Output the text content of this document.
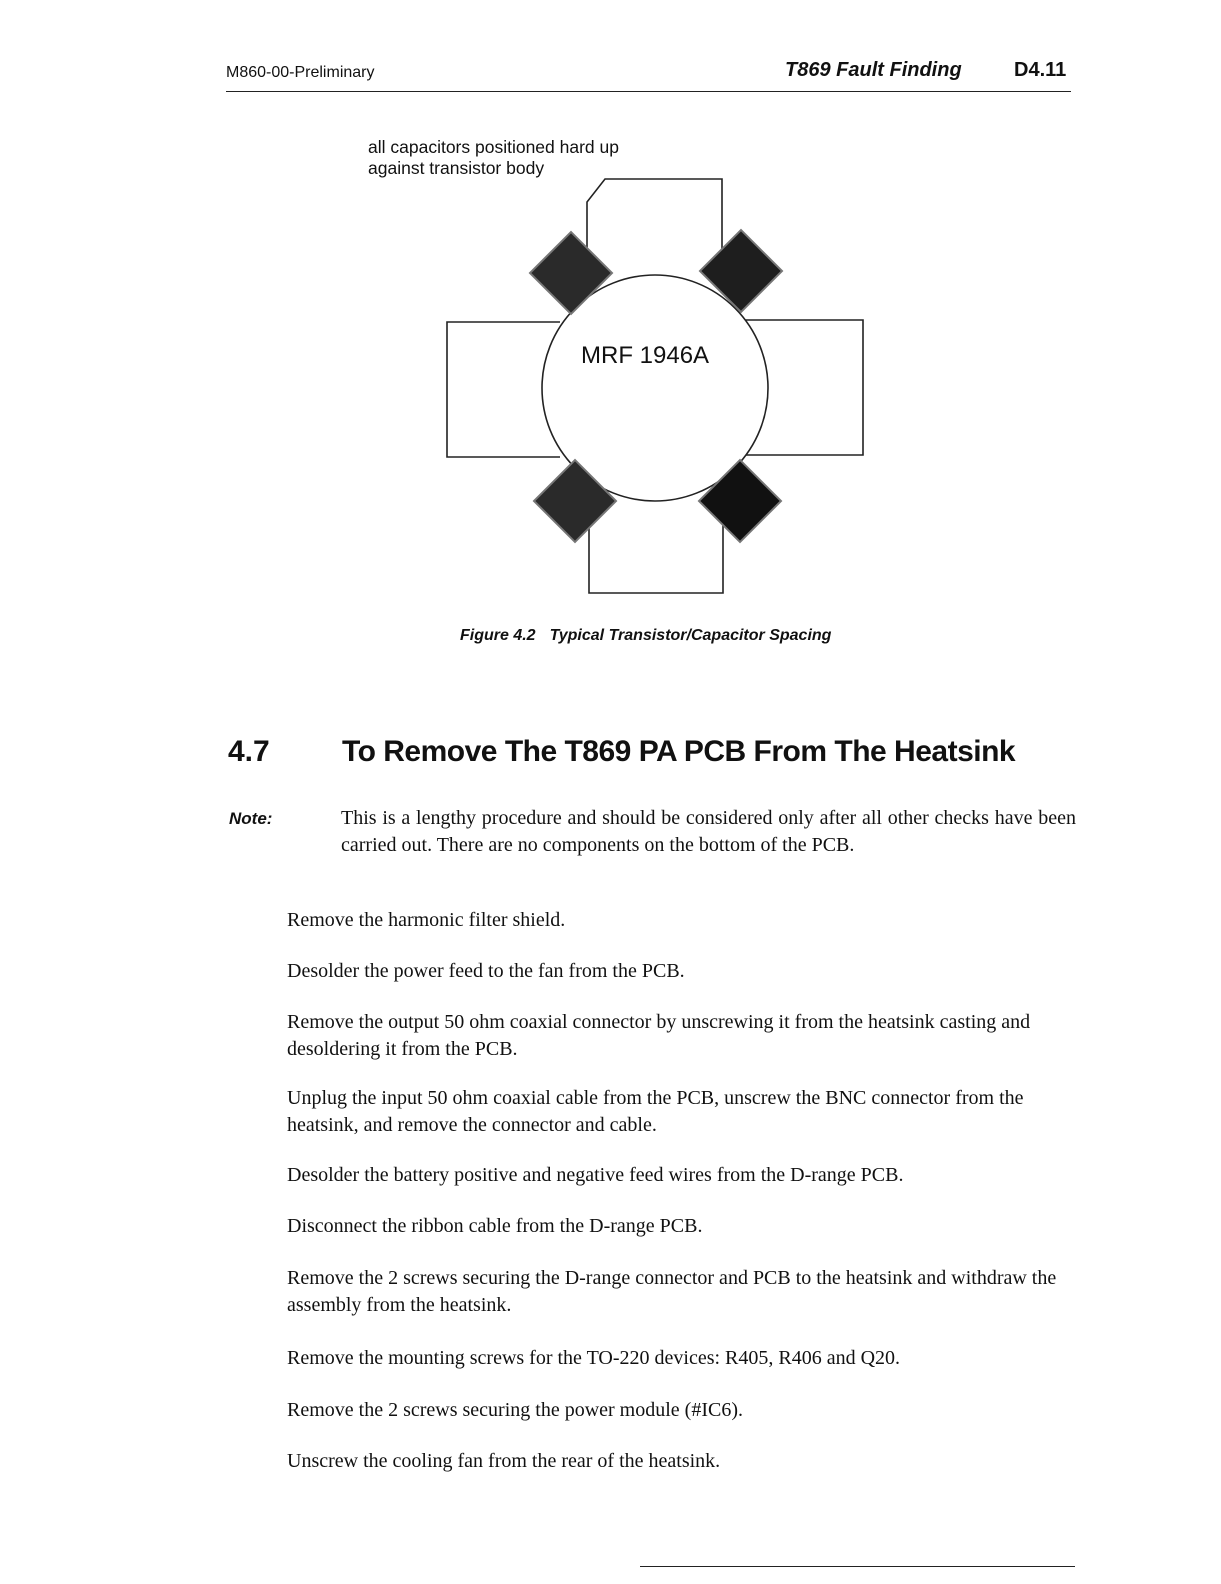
M860-00-Preliminary	T869 Fault Finding	D4.11
all capacitors positioned hard up
against transistor body
MRF 1946A
Figure 4.2 Typical Transistor/Capacitor Spacing
4.7 To Remove The T869 PA PCB From The Heatsink
Note:	This is a lengthy procedure and should be considered only after all other checks have been carried out. There are no components on the bottom of the PCB.

Remove the harmonic filter shield.

Desolder the power feed to the fan from the PCB.

Remove the output 50 ohm coaxial connector by unscrewing it from the heatsink casting and desoldering it from the PCB.

Unplug the input 50 ohm coaxial cable from the PCB, unscrew the BNC connector from the heatsink, and remove the connector and cable.

Desolder the battery positive and negative feed wires from the D-range PCB.

Disconnect the ribbon cable from the D-range PCB.

Remove the 2 screws securing the D-range connector and PCB to the heatsink and withdraw the assembly from the heatsink.

Remove the mounting screws for the TO-220 devices: R405, R406 and Q20.

Remove the 2 screws securing the power module (#IC6).

Unscrew the cooling fan from the rear of the heatsink.
